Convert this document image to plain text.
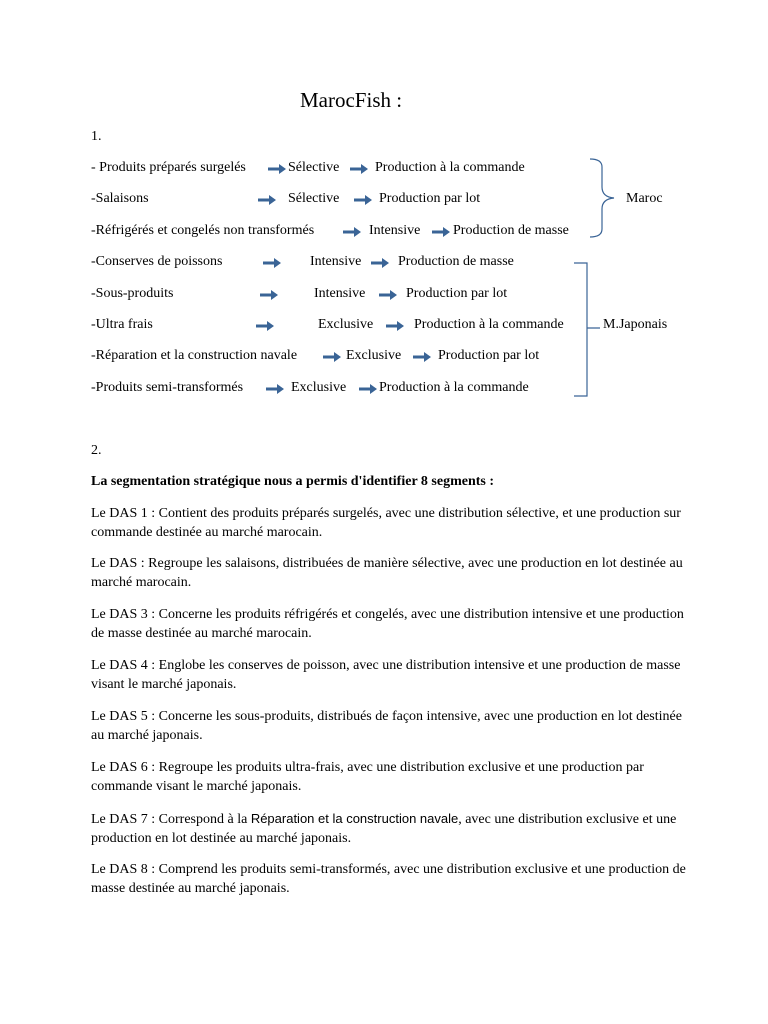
MarocFish :
1.
- Produits préparés surgelés	Sélective	Production à la commande
-Salaisons	Sélective	Production par lot
-Réfrigérés et congelés non transformés	Intensive Production de masse
-Conserves de poissons	Intensive	Production de masse
-Sous-produits	Intensive	Production par lot
-Ultra frais	Exclusive	Production à la commande
-Réparation et la construction navale	Exclusive	Production par lot
-Produits semi-transformés	Exclusive Production à la commande
Maroc
M.Japonais
2.
La segmentation stratégique nous a permis d'identifier 8 segments :
Le DAS 1 : Contient des produits préparés surgelés, avec une distribution sélective, et une production sur commande destinée au marché marocain.
Le DAS : Regroupe les salaisons, distribuées de manière sélective, avec une production en lot destinée au marché marocain.
Le DAS 3 : Concerne les produits réfrigérés et congelés, avec une distribution intensive et une production de masse destinée au marché marocain.
Le DAS 4 : Englobe les conserves de poisson, avec une distribution intensive et une production de masse visant le marché japonais.
Le DAS 5 : Concerne les sous-produits, distribués de façon intensive, avec une production en lot destinée au marché japonais.
Le DAS 6 : Regroupe les produits ultra-frais, avec une distribution exclusive et une production par commande visant le marché japonais.
Le DAS 7 : Correspond à la Réparation et la construction navale, avec une distribution exclusive et une production en lot destinée au marché japonais.
Le DAS 8 : Comprend les produits semi-transformés, avec une distribution exclusive et une production de masse destinée au marché japonais.
